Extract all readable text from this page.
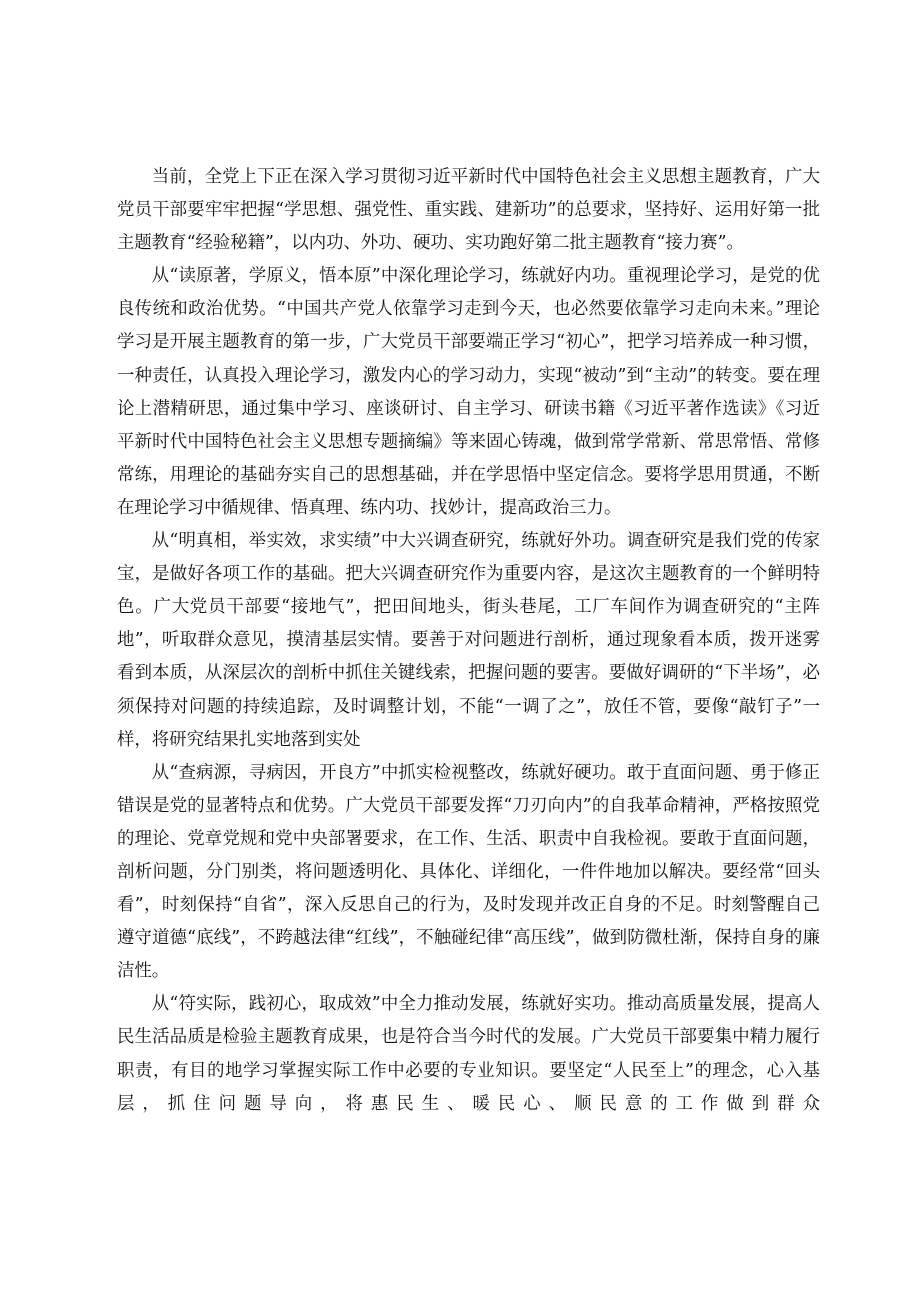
当前，全党上下正在深入学习贯彻习近平新时代中国特色社会主义思想主题教育，广大党员干部要牢牢把握“学思想、强党性、重实践、建新功”的总要求，坚持好、运用好第一批主题教育“经验秘籍”，以内功、外功、硬功、实功跑好第二批主题教育“接力赛”。

从“读原著，学原义，悟本原”中深化理论学习，练就好内功。重视理论学习，是党的优良传统和政治优势。“中国共产党人依靠学习走到今天，也必然要依靠学习走向未来。”理论学习是开展主题教育的第一步，广大党员干部要端正学习“初心”，把学习培养成一种习惯，一种责任，认真投入理论学习，激发内心的学习动力，实现“被动”到“主动”的转变。要在理论上潜精研思，通过集中学习、座谈研讨、自主学习、研读书籍《习近平著作选读》《习近平新时代中国特色社会主义思想专题摘编》等来固心铸魂，做到常学常新、常思常悟、常修常练，用理论的基础夯实自己的思想基础，并在学思悟中坚定信念。要将学思用贯通，不断在理论学习中循规律、悟真理、练内功、找妙计，提高政治三力。

从“明真相，举实效，求实绩”中大兴调查研究，练就好外功。调查研究是我们党的传家宝，是做好各项工作的基础。把大兴调查研究作为重要内容，是这次主题教育的一个鲜明特色。广大党员干部要“接地气”，把田间地头，街头巷尾，工厂车间作为调查研究的“主阵地”，听取群众意见，摸清基层实情。要善于对问题进行剖析，通过现象看本质，拨开迷雾看到本质，从深层次的剖析中抓住关键线索，把握问题的要害。要做好调研的“下半场”，必须保持对问题的持续追踪，及时调整计划，不能“一调了之”，放任不管，要像“敲钉子”一样，将研究结果扎实地落到实处

从“查病源，寻病因，开良方”中抓实检视整改，练就好硬功。敢于直面问题、勇于修正错误是党的显著特点和优势。广大党员干部要发挥“刀刃向内”的自我革命精神，严格按照党的理论、党章党规和党中央部署要求，在工作、生活、职责中自我检视。要敢于直面问题，剖析问题，分门别类，将问题透明化、具体化、详细化，一件件地加以解决。要经常“回头看”，时刻保持“自省”，深入反思自己的行为，及时发现并改正自身的不足。时刻警醒自己遵守道德“底线”，不跨越法律“红线”，不触碰纪律“高压线”，做到防微杜渐，保持自身的廉洁性。

从“符实际，践初心，取成效”中全力推动发展，练就好实功。推动高质量发展，提高人民生活品质是检验主题教育成果，也是符合当今时代的发展。广大党员干部要集中精力履行职责，有目的地学习掌握实际工作中必要的专业知识。要坚定“人民至上”的理念，心入基层，抓住问题导向，将惠民生、暖民心、顺民意的工作做到群众
